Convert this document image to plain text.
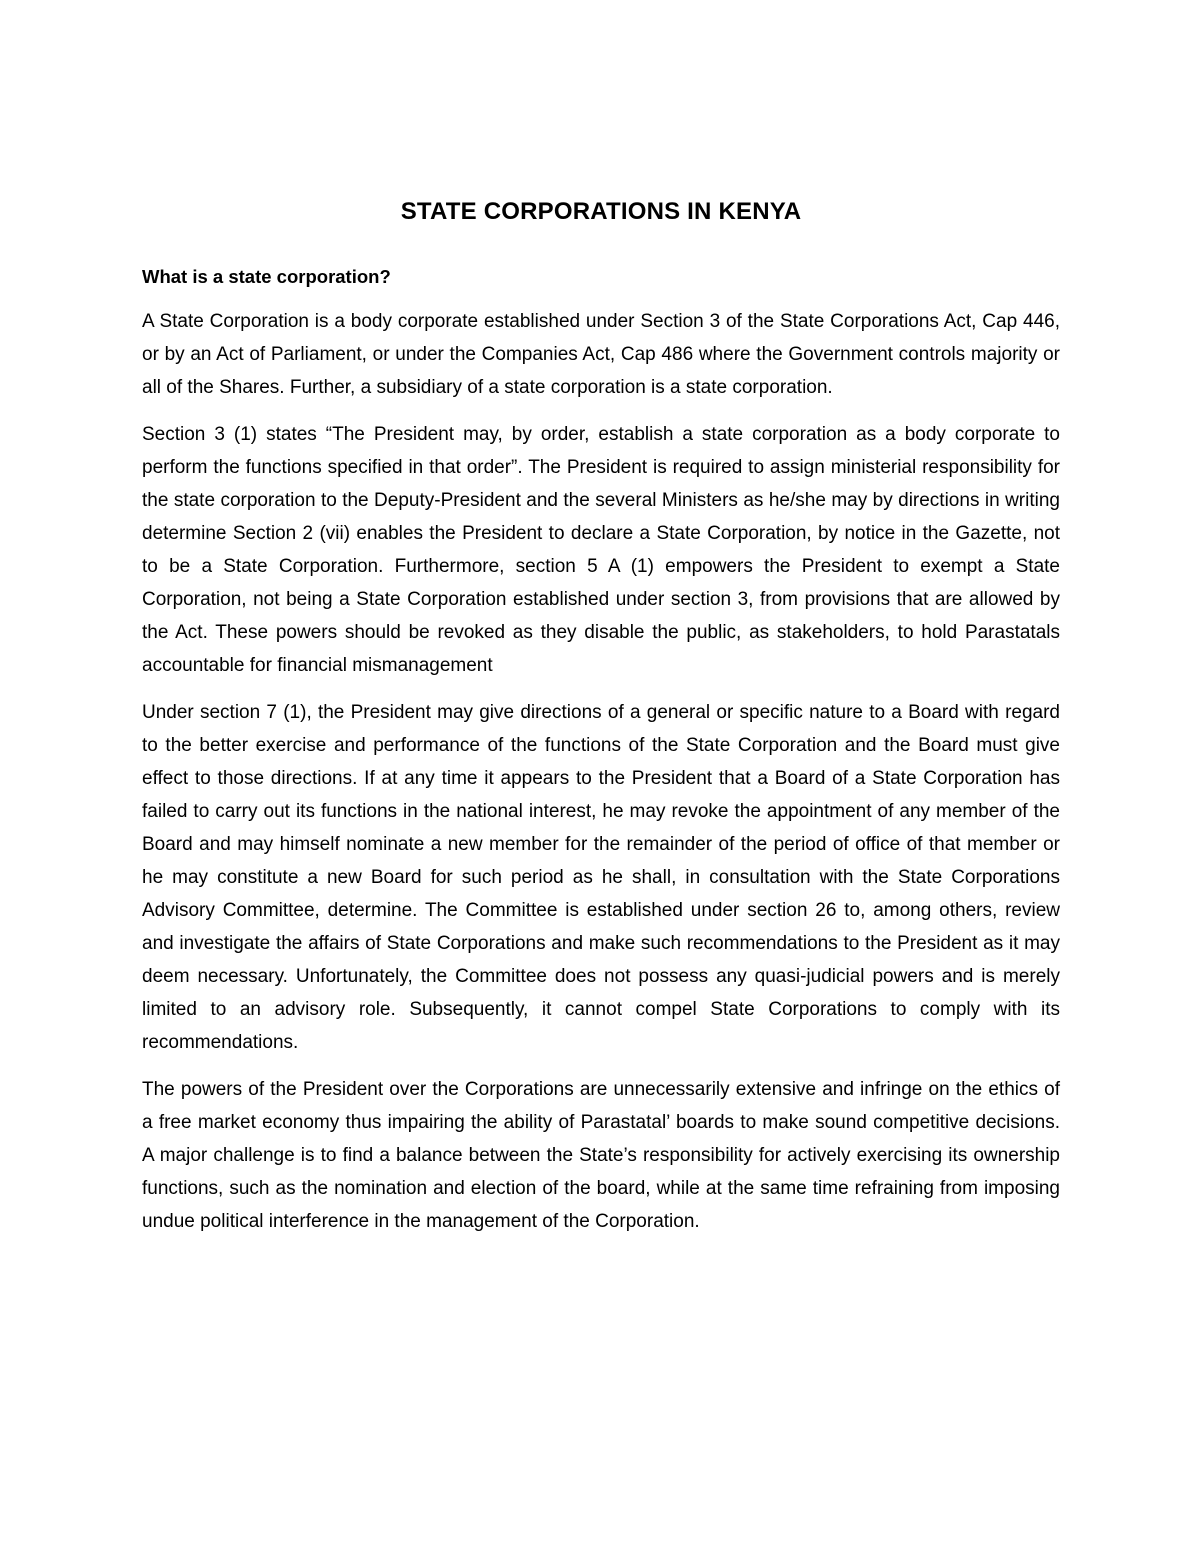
STATE CORPORATIONS IN KENYA
What is a state corporation?

A State Corporation is a body corporate established under Section 3 of the State Corporations Act, Cap 446, or by an Act of Parliament, or under the Companies Act, Cap 486 where the Government controls majority or all of the Shares. Further, a subsidiary of a state corporation is a state corporation.

Section 3 (1) states “The President may, by order, establish a state corporation as a body corporate to perform the functions specified in that order”. The President is required to assign ministerial responsibility for the state corporation to the Deputy-President and the several Ministers as he/she may by directions in writing determine Section 2 (vii) enables the President to declare a State Corporation, by notice in the Gazette, not to be a State Corporation. Furthermore, section 5 A (1) empowers the President to exempt a State Corporation, not being a State Corporation established under section 3, from provisions that are allowed by the Act. These powers should be revoked as they disable the public, as stakeholders, to hold Parastatals accountable for financial mismanagement

Under section 7 (1), the President may give directions of a general or specific nature to a Board with regard to the better exercise and performance of the functions of the State Corporation and the Board must give effect to those directions. If at any time it appears to the President that a Board of a State Corporation has failed to carry out its functions in the national interest, he may revoke the appointment of any member of the Board and may himself nominate a new member for the remainder of the period of office of that member or he may constitute a new Board for such period as he shall, in consultation with the State Corporations Advisory Committee, determine. The Committee is established under section 26 to, among others, review and investigate the affairs of State Corporations and make such recommendations to the President as it may deem necessary. Unfortunately, the Committee does not possess any quasi-judicial powers and is merely limited to an advisory role. Subsequently, it cannot compel State Corporations to comply with its recommendations.

The powers of the President over the Corporations are unnecessarily extensive and infringe on the ethics of a free market economy thus impairing the ability of Parastatal’ boards to make sound competitive decisions. A major challenge is to find a balance between the State’s responsibility for actively exercising its ownership functions, such as the nomination and election of the board, while at the same time refraining from imposing undue political interference in the management of the Corporation.
